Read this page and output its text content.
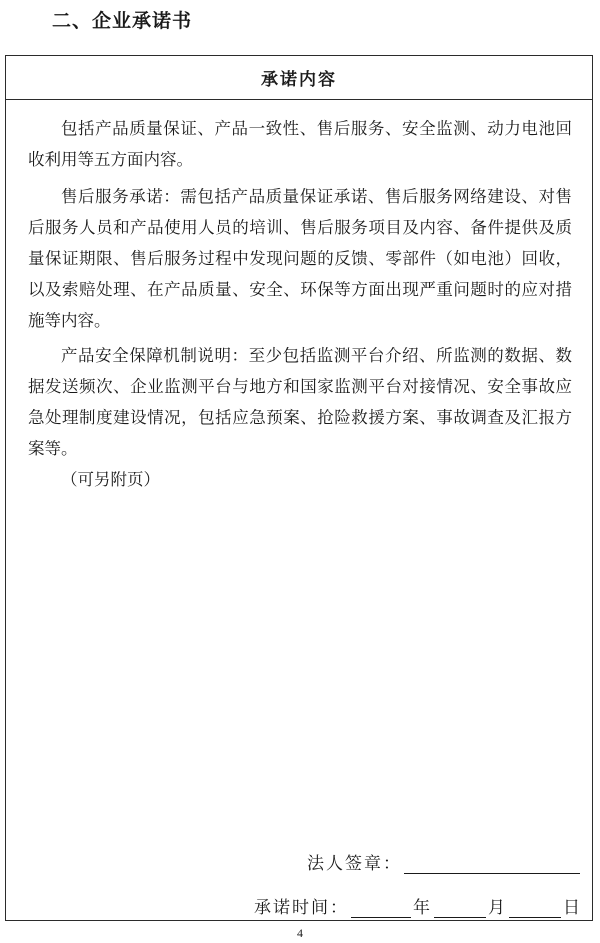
二、企业承诺书
承诺内容

包括产品质量保证、产品一致性、售后服务、安全监测、动力电池回收利用等五方面内容。

售后服务承诺：需包括产品质量保证承诺、售后服务网络建设、对售后服务人员和产品使用人员的培训、售后服务项目及内容、备件提供及质量保证期限、售后服务过程中发现问题的反馈、零部件（如电池）回收，以及索赔处理、在产品质量、安全、环保等方面出现严重问题时的应对措施等内容。

产品安全保障机制说明：至少包括监测平台介绍、所监测的数据、数据发送频次、企业监测平台与地方和国家监测平台对接情况、安全事故应急处理制度建设情况，包括应急预案、抢险救援方案、事故调查及汇报方案等。

（可另附页）

法人签章：
承诺时间：	年	月	日
4
